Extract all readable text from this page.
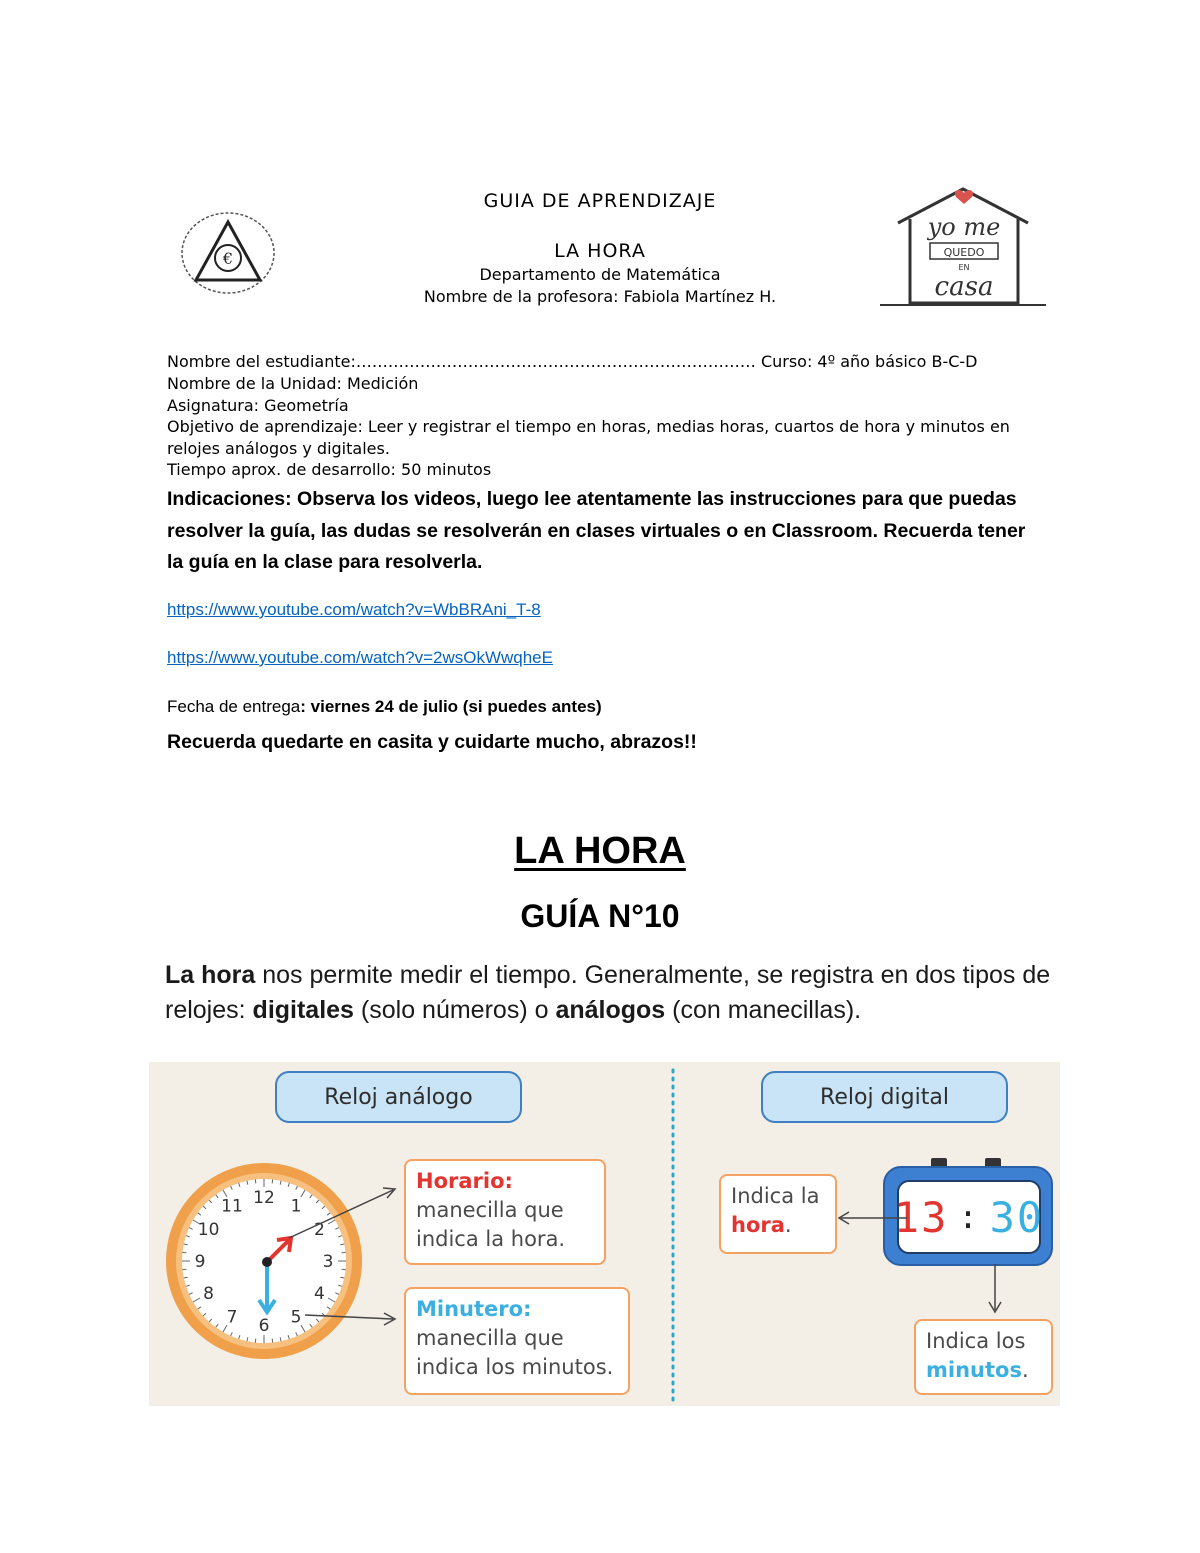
€
GUIA DE APRENDIZAJE
LA HORA
Departamento de Matemática
Nombre de la profesora: Fabiola Martínez H.
yo me
QUEDO
EN
casa
Nombre del estudiante:………………………………………………………………… Curso: 4º año básico B-C-D
Nombre de la Unidad: Medición
Asignatura: Geometría
Objetivo de aprendizaje: Leer y registrar el tiempo en horas, medias horas, cuartos de hora y minutos en relojes análogos y digitales.
Tiempo aprox. de desarrollo: 50 minutos
Indicaciones: Observa los videos, luego lee atentamente las instrucciones para que puedas resolver la guía, las dudas se resolverán en clases virtuales o en Classroom. Recuerda tener la guía en la clase para resolverla.
https://www.youtube.com/watch?v=WbBRAni_T-8
https://www.youtube.com/watch?v=2wsOkWwqheE
Fecha de entrega: viernes 24 de julio (si puedes antes)
Recuerda quedarte en casita y cuidarte mucho, abrazos!!
LA HORA
GUÍA N°10
La hora nos permite medir el tiempo. Generalmente, se registra en dos tipos de relojes: digitales (solo números) o análogos (con manecillas).
Reloj análogo	Reloj digital
12 1
2
3
4
5
6
7
8
9
10
11
Horario:
manecilla que indica la hora.
Minutero: manecilla que indica los minutos.
13 : 30
Indica la
hora.
Indica los
minutos.
